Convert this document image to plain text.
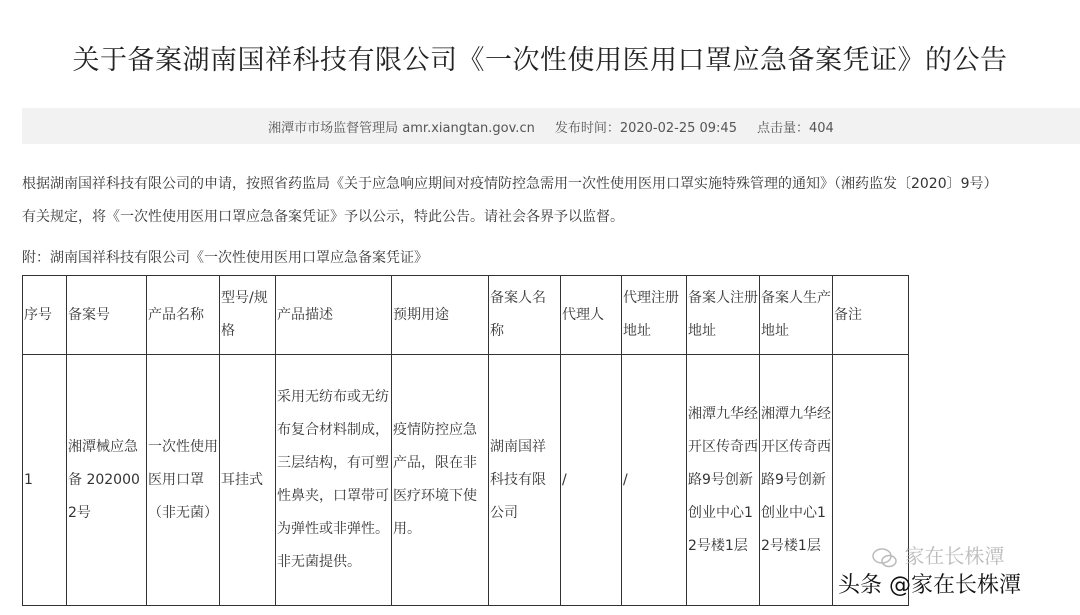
关于备案湖南国祥科技有限公司《一次性使用医用口罩应急备案凭证》的公告
湘潭市市场监督管理局 amr.xiangtan.gov.cn 发布时间：2020-02-25 09:45 点击量：404

根据湖南国祥科技有限公司的申请，按照省药监局《关于应急响应期间对疫情防控急需用一次性使用医用口罩实施特殊管理的通知》（湘药监发〔2020〕9号）

有关规定，将《一次性使用医用口罩应急备案凭证》予以公示，特此公告。请社会各界予以监督。

附：湖南国祥科技有限公司《一次性使用医用口罩应急备案凭证》
序号	备案号	产品名称	型号/规格	产品描述	预期用途	备案人名称	代理人	代理注册地址	备案人注册地址	备案人生产地址	备注
1	湘潭械应急备 2020002号	一次性使用医用口罩（非无菌）	耳挂式	采用无纺布或无纺布复合材料制成，三层结构，有可塑性鼻夹，口罩带可为弹性或非弹性。非无菌提供。	疫情防控应急产品，限在非医疗环境下使用。	湖南国祥科技有限公司	/	/	湘潭九华经开区传奇西路9号创新创业中心12号楼1层	湘潭九华经开区传奇西路9号创新创业中心12号楼1层		家在长株潭
头条 @家在长株潭
